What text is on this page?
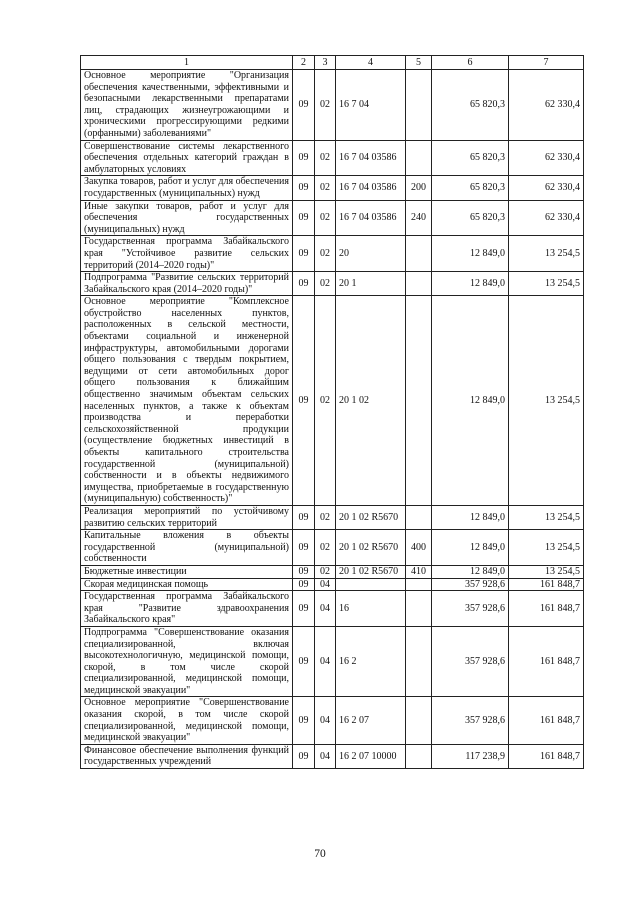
1	2	3	4	5	6	7
Основное мероприятие "Организация обеспечения качественными, эффективными и безопасными лекарственными препаратами лиц, страдающих жизнеугрожающими и хроническими прогрессирующими редкими (орфанными) заболеваниями"	09	02	16 7 04		65 820,3	62 330,4
Совершенствование системы лекарственного обеспечения отдельных категорий граждан в амбулаторных условиях	09	02	16 7 04 03586		65 820,3	62 330,4
Закупка товаров, работ и услуг для обеспечения государственных (муниципальных) нужд	09	02	16 7 04 03586	200	65 820,3	62 330,4
Иные закупки товаров, работ и услуг для обеспечения государственных (муниципальных) нужд	09	02	16 7 04 03586	240	65 820,3	62 330,4
Государственная программа Забайкальского края "Устойчивое развитие сельских территорий (2014–2020 годы)"	09	02	20		12 849,0	13 254,5
Подпрограмма "Развитие сельских территорий Забайкальского края (2014–2020 годы)"	09	02	20 1		12 849,0	13 254,5
Основное мероприятие "Комплексное обустройство населенных пунктов, расположенных в сельской местности, объектами социальной и инженерной инфраструктуры, автомобильными дорогами общего пользования с твердым покрытием, ведущими от сети автомобильных дорог общего пользования к ближайшим общественно значимым объектам сельских населенных пунктов, а также к объектам производства и переработки сельскохозяйственной продукции (осуществление бюджетных инвестиций в объекты капитального строительства государственной (муниципальной) собственности и в объекты недвижимого имущества, приобретаемые в государственную (муниципальную) собственность)"	09	02	20 1 02		12 849,0	13 254,5
Реализация мероприятий по устойчивому развитию сельских территорий	09	02	20 1 02 R5670		12 849,0	13 254,5
Капитальные вложения в объекты государственной (муниципальной) собственности	09	02	20 1 02 R5670	400	12 849,0	13 254,5
Бюджетные инвестиции	09	02	20 1 02 R5670	410	12 849,0	13 254,5
Скорая медицинская помощь	09	04			357 928,6	161 848,7
Государственная программа Забайкальского края "Развитие здравоохранения Забайкальского края"	09	04	16		357 928,6	161 848,7
Подпрограмма "Совершенствование оказания специализированной, включая высокотехнологичную, медицинской помощи, скорой, в том числе скорой специализированной, медицинской помощи, медицинской эвакуации"	09	04	16 2		357 928,6	161 848,7
Основное мероприятие "Совершенствование оказания скорой, в том числе скорой специализированной, медицинской помощи, медицинской эвакуации"	09	04	16 2 07		357 928,6	161 848,7
Финансовое обеспечение выполнения функций государственных учреждений	09	04	16 2 07 10000		117 238,9	161 848,7
70
